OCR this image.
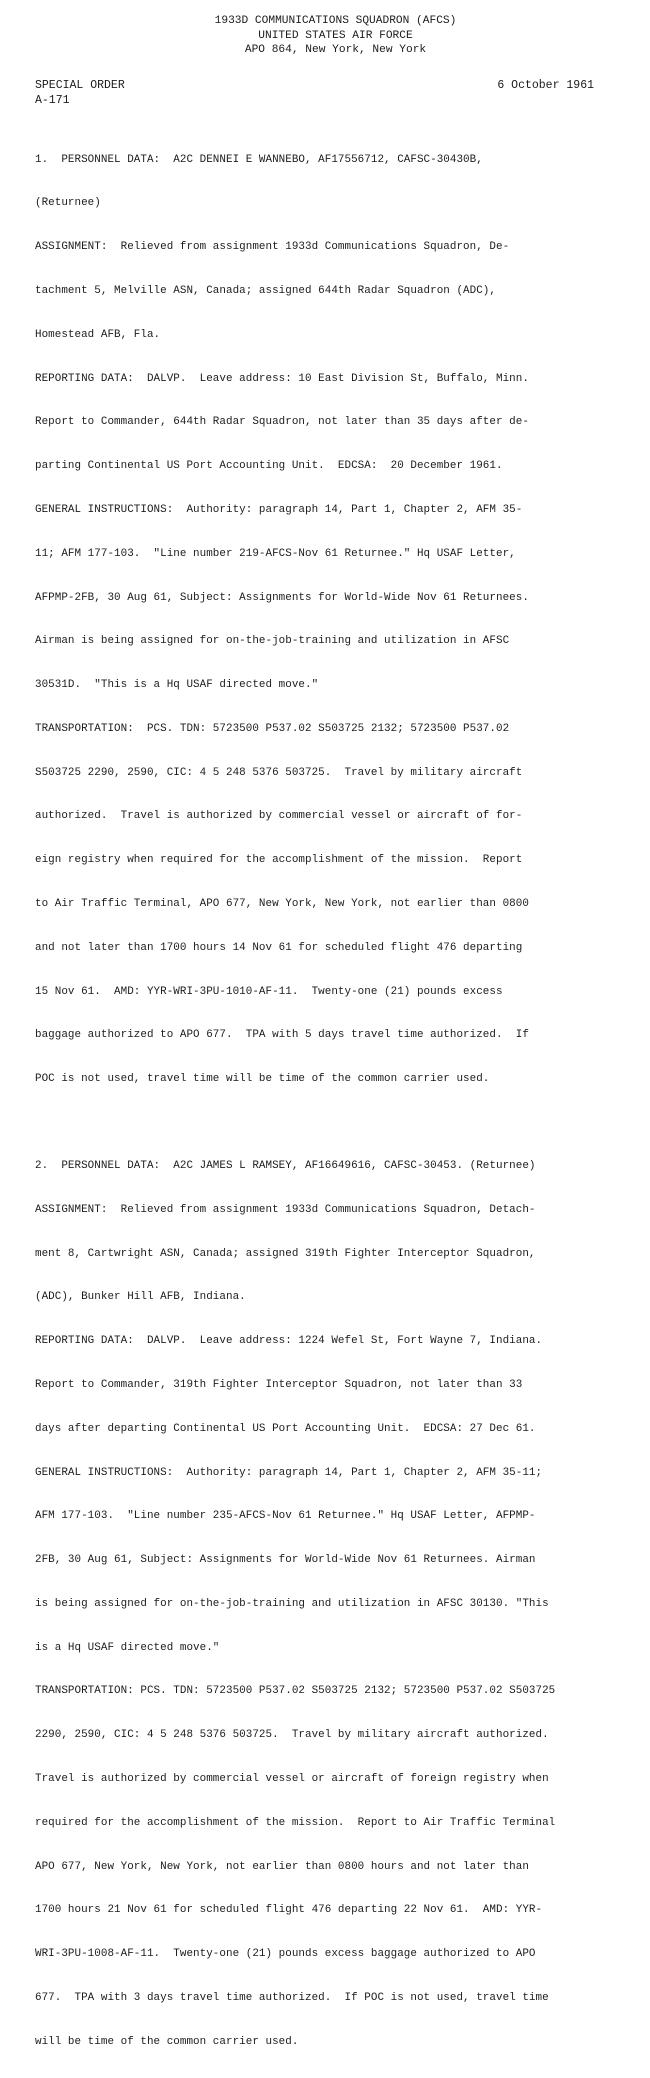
1933D COMMUNICATIONS SQUADRON (AFCS)
UNITED STATES AIR FORCE
APO 864, New York, New York
SPECIAL ORDER	6 October 1961
A-171

1.  PERSONNEL DATA:  A2C DENNEI E WANNEBO, AF17556712, CAFSC-30430B,

(Returnee)

ASSIGNMENT:  Relieved from assignment 1933d Communications Squadron, De-

tachment 5, Melville ASN, Canada; assigned 644th Radar Squadron (ADC),

Homestead AFB, Fla.

REPORTING DATA:  DALVP.  Leave address: 10 East Division St, Buffalo, Minn.

Report to Commander, 644th Radar Squadron, not later than 35 days after de-

parting Continental US Port Accounting Unit.  EDCSA:  20 December 1961.

GENERAL INSTRUCTIONS:  Authority: paragraph 14, Part 1, Chapter 2, AFM 35-

11; AFM 177-103.  "Line number 219-AFCS-Nov 61 Returnee." Hq USAF Letter,

AFPMP-2FB, 30 Aug 61, Subject: Assignments for World-Wide Nov 61 Returnees.

Airman is being assigned for on-the-job-training and utilization in AFSC

30531D.  "This is a Hq USAF directed move."

TRANSPORTATION:  PCS. TDN: 5723500 P537.02 S503725 2132; 5723500 P537.02

S503725 2290, 2590, CIC: 4 5 248 5376 503725.  Travel by military aircraft

authorized.  Travel is authorized by commercial vessel or aircraft of for-

eign registry when required for the accomplishment of the mission.  Report

to Air Traffic Terminal, APO 677, New York, New York, not earlier than 0800

and not later than 1700 hours 14 Nov 61 for scheduled flight 476 departing

15 Nov 61.  AMD: YYR-WRI-3PU-1010-AF-11.  Twenty-one (21) pounds excess

baggage authorized to APO 677.  TPA with 5 days travel time authorized.  If

POC is not used, travel time will be time of the common carrier used.

2.  PERSONNEL DATA:  A2C JAMES L RAMSEY, AF16649616, CAFSC-30453. (Returnee)

ASSIGNMENT:  Relieved from assignment 1933d Communications Squadron, Detach-

ment 8, Cartwright ASN, Canada; assigned 319th Fighter Interceptor Squadron,

(ADC), Bunker Hill AFB, Indiana.

REPORTING DATA:  DALVP.  Leave address: 1224 Wefel St, Fort Wayne 7, Indiana.

Report to Commander, 319th Fighter Interceptor Squadron, not later than 33

days after departing Continental US Port Accounting Unit.  EDCSA: 27 Dec 61.

GENERAL INSTRUCTIONS:  Authority: paragraph 14, Part 1, Chapter 2, AFM 35-11;

AFM 177-103.  "Line number 235-AFCS-Nov 61 Returnee." Hq USAF Letter, AFPMP-

2FB, 30 Aug 61, Subject: Assignments for World-Wide Nov 61 Returnees. Airman

is being assigned for on-the-job-training and utilization in AFSC 30130. "This

is a Hq USAF directed move."

TRANSPORTATION: PCS. TDN: 5723500 P537.02 S503725 2132; 5723500 P537.02 S503725

2290, 2590, CIC: 4 5 248 5376 503725.  Travel by military aircraft authorized.

Travel is authorized by commercial vessel or aircraft of foreign registry when

required for the accomplishment of the mission.  Report to Air Traffic Terminal

APO 677, New York, New York, not earlier than 0800 hours and not later than

1700 hours 21 Nov 61 for scheduled flight 476 departing 22 Nov 61.  AMD: YYR-

WRI-3PU-1008-AF-11.  Twenty-one (21) pounds excess baggage authorized to APO

677.  TPA with 3 days travel time authorized.  If POC is not used, travel time

will be time of the common carrier used.
